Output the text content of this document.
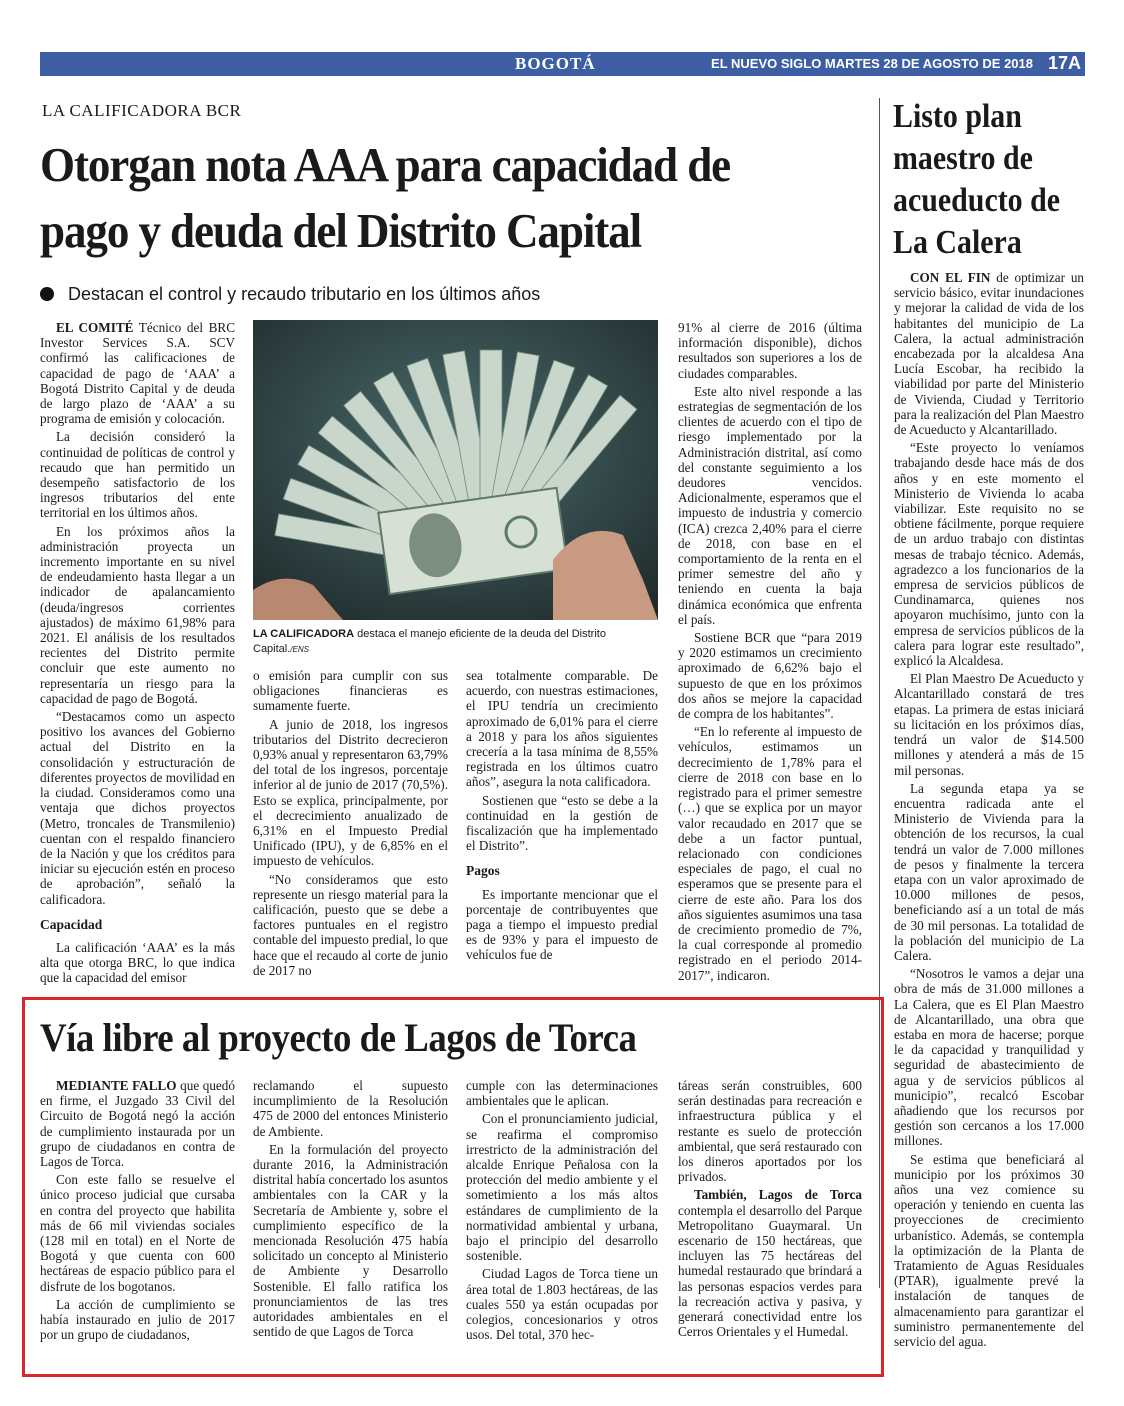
BOGOTÁ	EL NUEVO SIGLO MARTES 28 DE AGOSTO DE 2018 17A
LA CALIFICADORA BCR
Otorgan nota AAA para capacidad de pago y deuda del Distrito Capital
Destacan el control y recaudo tributario en los últimos años

EL COMITÉ Técnico del BRC Investor Services S.A. SCV confirmó las calificaciones de capacidad de pago de ‘AAA’ a Bogotá Distrito Capital y de deuda de largo plazo de ‘AAA’ a su programa de emisión y colocación.

La decisión consideró la continuidad de políticas de control y recaudo que han permitido un desempeño satisfactorio de los ingresos tributarios del ente territorial en los últimos años.

En los próximos años la administración proyecta un incremento importante en su nivel de endeudamiento hasta llegar a un indicador de apalancamiento (deuda/ingresos corrientes ajustados) de máximo 61,98% para 2021. El análisis de los resultados recientes del Distrito permite concluir que este aumento no representaría un riesgo para la capacidad de pago de Bogotá.

“Destacamos como un aspecto positivo los avances del Gobierno actual del Distrito en la consolidación y estructuración de diferentes proyectos de movilidad en la ciudad. Consideramos como una ventaja que dichos proyectos (Metro, troncales de Transmilenio) cuentan con el respaldo financiero de la Nación y que los créditos para iniciar su ejecución estén en proceso de aprobación”, señaló la calificadora.

Capacidad

La calificación ‘AAA’ es la más alta que otorga BRC, lo que indica que la capacidad del emisor

LA CALIFICADORA destaca el manejo eficiente de la deuda del Distrito Capital./ENS

o emisión para cumplir con sus obligaciones financieras es sumamente fuerte.

A junio de 2018, los ingresos tributarios del Distrito decrecieron 0,93% anual y representaron 63,79% del total de los ingresos, porcentaje inferior al de junio de 2017 (70,5%). Esto se explica, principalmente, por el decrecimiento anualizado de 6,31% en el Impuesto Predial Unificado (IPU), y de 6,85% en el impuesto de vehículos.

“No consideramos que esto represente un riesgo material para la calificación, puesto que se debe a factores puntuales en el registro contable del impuesto predial, lo que hace que el recaudo al corte de junio de 2017 no

sea totalmente comparable. De acuerdo, con nuestras estimaciones, el IPU tendría un crecimiento aproximado de 6,01% para el cierre a 2018 y para los años siguientes crecería a la tasa mínima de 8,55% registrada en los últimos cuatro años”, asegura la nota calificadora.

Sostienen que “esto se debe a la continuidad en la gestión de fiscalización que ha implementado el Distrito”.

Pagos

Es importante mencionar que el porcentaje de contribuyentes que paga a tiempo el impuesto predial es de 93% y para el impuesto de vehículos fue de

91% al cierre de 2016 (última información disponible), dichos resultados son superiores a los de ciudades comparables.

Este alto nivel responde a las estrategias de segmentación de los clientes de acuerdo con el tipo de riesgo implementado por la Administración distrital, así como del constante seguimiento a los deudores vencidos. Adicionalmente, esperamos que el impuesto de industria y comercio (ICA) crezca 2,40% para el cierre de 2018, con base en el comportamiento de la renta en el primer semestre del año y teniendo en cuenta la baja dinámica económica que enfrenta el país.

Sostiene BCR que “para 2019 y 2020 estimamos un crecimiento aproximado de 6,62% bajo el supuesto de que en los próximos dos años se mejore la capacidad de compra de los habitantes”.

“En lo referente al impuesto de vehículos, estimamos un decrecimiento de 1,78% para el cierre de 2018 con base en lo registrado para el primer semestre (…) que se explica por un mayor valor recaudado en 2017 que se debe a un factor puntual, relacionado con condiciones especiales de pago, el cual no esperamos que se presente para el cierre de este año. Para los dos años siguientes asumimos una tasa de crecimiento promedio de 7%, la cual corresponde al promedio registrado en el periodo 2014-2017”, indicaron.

Listo plan maestro de acueducto de La Calera

CON EL FIN de optimizar un servicio básico, evitar inundaciones y mejorar la calidad de vida de los habitantes del municipio de La Calera, la actual administración encabezada por la alcaldesa Ana Lucía Escobar, ha recibido la viabilidad por parte del Ministerio de Vivienda, Ciudad y Territorio para la realización del Plan Maestro de Acueducto y Alcantarillado.

“Este proyecto lo veníamos trabajando desde hace más de dos años y en este momento el Ministerio de Vivienda lo acaba viabilizar. Este requisito no se obtiene fácilmente, porque requiere de un arduo trabajo con distintas mesas de trabajo técnico. Además, agradezco a los funcionarios de la empresa de servicios públicos de Cundinamarca, quienes nos apoyaron muchísimo, junto con la empresa de servicios públicos de la calera para lograr este resultado”, explicó la Alcaldesa.

El Plan Maestro De Acueducto y Alcantarillado constará de tres etapas. La primera de estas iniciará su licitación en los próximos días, tendrá un valor de $14.500 millones y atenderá a más de 15 mil personas.

La segunda etapa ya se encuentra radicada ante el Ministerio de Vivienda para la obtención de los recursos, la cual tendrá un valor de 7.000 millones de pesos y finalmente la tercera etapa con un valor aproximado de 10.000 millones de pesos, beneficiando así a un total de más de 30 mil personas. La totalidad de la población del municipio de La Calera.

“Nosotros le vamos a dejar una obra de más de 31.000 millones a La Calera, que es El Plan Maestro de Alcantarillado, una obra que estaba en mora de hacerse; porque le da capacidad y tranquilidad y seguridad de abastecimiento de agua y de servicios públicos al municipio”, recalcó Escobar añadiendo que los recursos por gestión son cercanos a los 17.000 millones.

Se estima que beneficiará al municipio por los próximos 30 años una vez comience su operación y teniendo en cuenta las proyecciones de crecimiento urbanístico. Además, se contempla la optimización de la Planta de Tratamiento de Aguas Residuales (PTAR), igualmente prevé la instalación de tanques de almacenamiento para garantizar el suministro permanentemente del servicio del agua.

Vía libre al proyecto de Lagos de Torca

MEDIANTE FALLO que quedó en firme, el Juzgado 33 Civil del Circuito de Bogotá negó la acción de cumplimiento instaurada por un grupo de ciudadanos en contra de Lagos de Torca.

Con este fallo se resuelve el único proceso judicial que cursaba en contra del proyecto que habilita más de 66 mil viviendas sociales (128 mil en total) en el Norte de Bogotá y que cuenta con 600 hectáreas de espacio público para el disfrute de los bogotanos.

La acción de cumplimiento se había instaurado en julio de 2017 por un grupo de ciudadanos,

reclamando el supuesto incumplimiento de la Resolución 475 de 2000 del entonces Ministerio de Ambiente.

En la formulación del proyecto durante 2016, la Administración distrital había concertado los asuntos ambientales con la CAR y la Secretaría de Ambiente y, sobre el cumplimiento específico de la mencionada Resolución 475 había solicitado un concepto al Ministerio de Ambiente y Desarrollo Sostenible. El fallo ratifica los pronunciamientos de las tres autoridades ambientales en el sentido de que Lagos de Torca

cumple con las determinaciones ambientales que le aplican.

Con el pronunciamiento judicial, se reafirma el compromiso irrestricto de la administración del alcalde Enrique Peñalosa con la protección del medio ambiente y el sometimiento a los más altos estándares de cumplimiento de la normatividad ambiental y urbana, bajo el principio del desarrollo sostenible.

Ciudad Lagos de Torca tiene un área total de 1.803 hectáreas, de las cuales 550 ya están ocupadas por colegios, concesionarios y otros usos. Del total, 370 hec-

táreas serán construibles, 600 serán destinadas para recreación e infraestructura pública y el restante es suelo de protección ambiental, que será restaurado con los dineros aportados por los privados.

También, Lagos de Torca contempla el desarrollo del Parque Metropolitano Guaymaral. Un escenario de 150 hectáreas, que incluyen las 75 hectáreas del humedal restaurado que brindará a las personas espacios verdes para la recreación activa y pasiva, y generará conectividad entre los Cerros Orientales y el Humedal.
